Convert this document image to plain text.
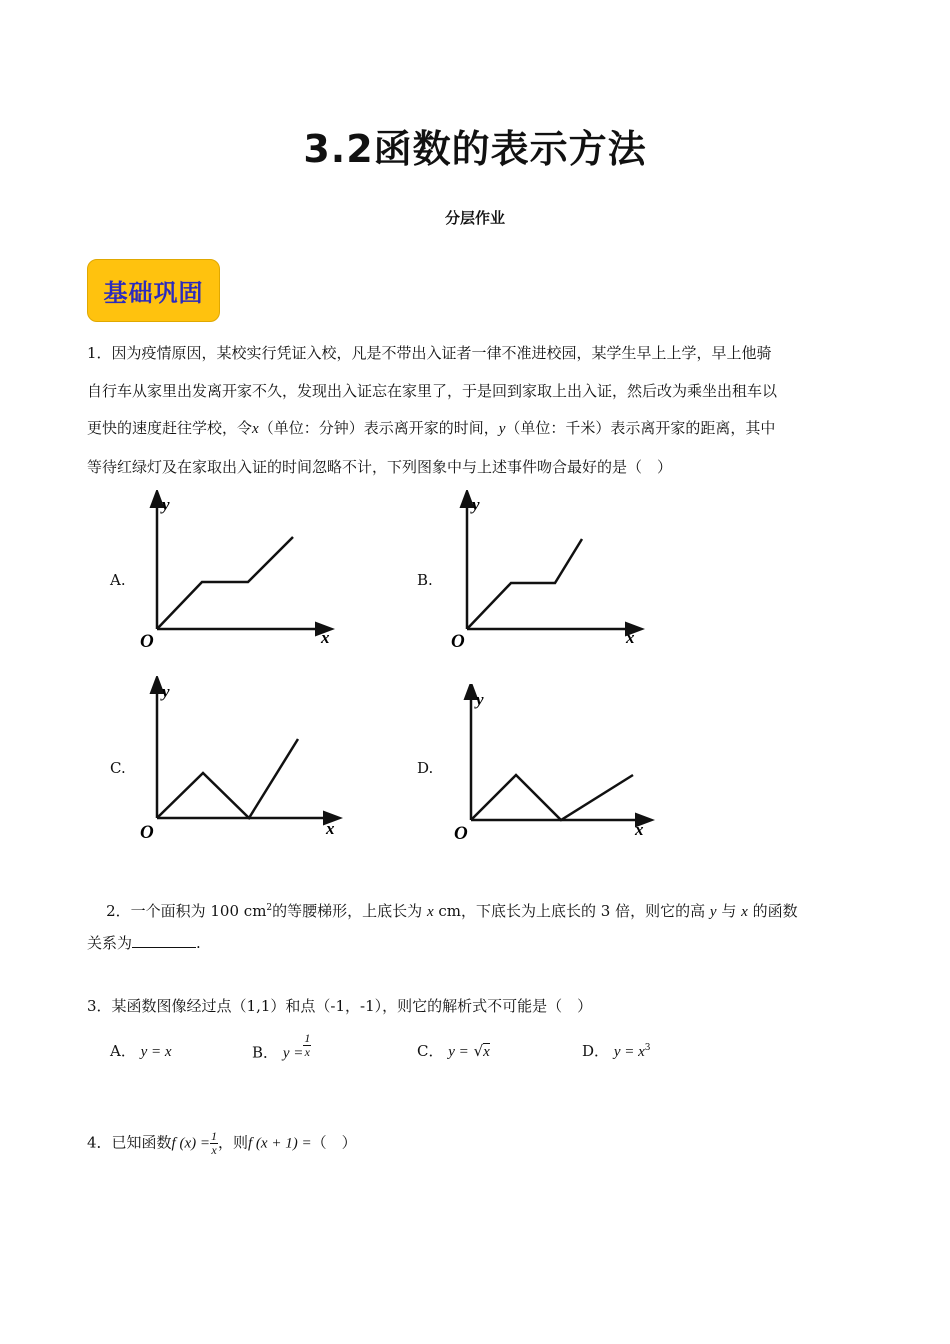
3.2函数的表示方法
分层作业
基础巩固
1．因为疫情原因，某校实行凭证入校，凡是不带出入证者一律不准进校园，某学生早上上学，早上他骑
自行车从家里出发离开家不久，发现出入证忘在家里了，于是回到家取上出入证，然后改为乘坐出租车以
更快的速度赶往学校，令x（单位：分钟）表示离开家的时间，y（单位：千米）表示离开家的距离，其中
等待红绿灯及在家取出入证的时间忽略不计，下列图象中与上述事件吻合最好的是（　）
A.	B.
C.	D.
y
x
O
y
x
O
y
x
O
y
x
O
2．一个面积为 100 $cm^2$的等腰梯形，上底长为 x cm，下底长为上底长的 3 倍，则它的高 y 与 x 的函数
关系为	.
3．某函数图像经过点（1,1）和点（-1，-1），则它的解析式不可能是（　）
A． y = x	B． $y = \frac{1}{x}$	C． y = √x	D． $y = x^3$
4．已知函数f $(x) = \frac{1}{x}$ ，则f (x + 1) =（　）
